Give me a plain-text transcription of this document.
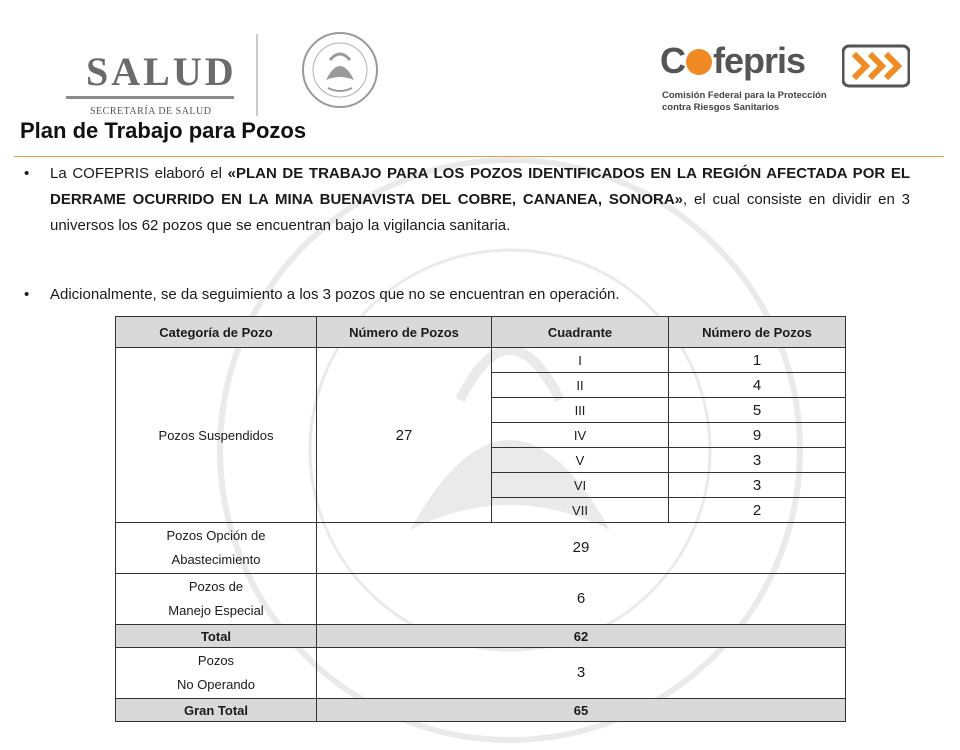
SALUD
SECRETARÍA DE SALUD
C fepris
Comisión Federal para la Protección
contra Riesgos Sanitarios
Plan de Trabajo para Pozos
• La COFEPRIS elaboró el «PLAN DE TRABAJO PARA LOS POZOS IDENTIFICADOS EN LA REGIÓN AFECTADA POR EL DERRAME OCURRIDO EN LA MINA BUENAVISTA DEL COBRE, CANANEA, SONORA», el cual consiste en dividir en 3 universos los 62 pozos que se encuentran bajo la vigilancia sanitaria.
• Adicionalmente, se da seguimiento a los 3 pozos que no se encuentran en operación.
Categoría de Pozo	Número de Pozos	Cuadrante	Número de Pozos
Pozos Suspendidos	27	I	1
		II	4
		III	5
		IV	9
		V	3
		VI	3
		VII	2

Pozos Opción de
Abastecimiento	29		

Pozos de
Manejo Especial	6		
Total	62		

Pozos
No Operando	3		
Gran Total	65		
